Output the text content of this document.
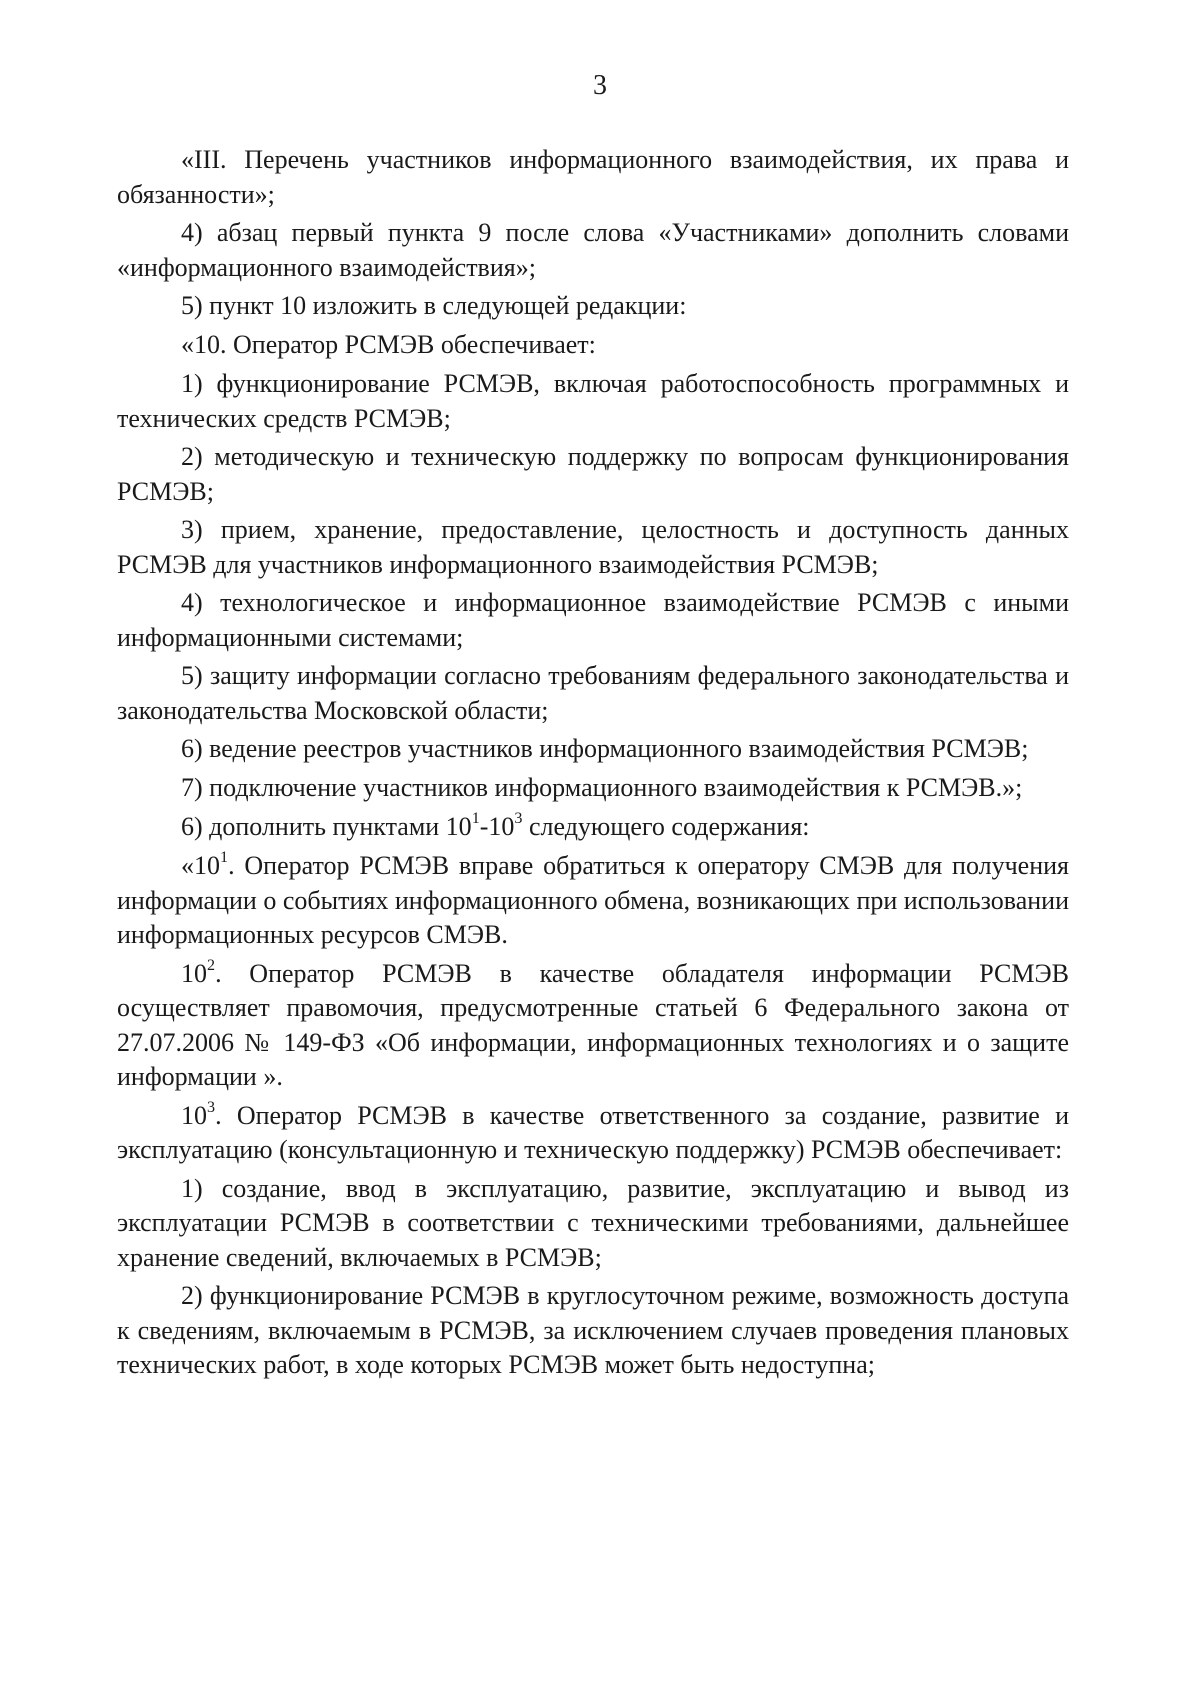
3

«III. Перечень участников информационного взаимодействия, их права и обязанности»;

4) абзац первый пункта 9 после слова «Участниками» дополнить словами «информационного взаимодействия»;

5) пункт 10 изложить в следующей редакции:

«10. Оператор РСМЭВ обеспечивает:

1) функционирование РСМЭВ, включая работоспособность программных и технических средств РСМЭВ;

2) методическую и техническую поддержку по вопросам функционирования РСМЭВ;

3) прием, хранение, предоставление, целостность и доступность данных РСМЭВ для участников информационного взаимодействия РСМЭВ;

4) технологическое и информационное взаимодействие РСМЭВ с иными информационными системами;

5) защиту информации согласно требованиям федерального законодательства и законодательства Московской области;

6) ведение реестров участников информационного взаимодействия РСМЭВ;

7) подключение участников информационного взаимодействия к РСМЭВ.»;

6) дополнить пунктами $10^1-10^3$ следующего содержания:

«$10^1$. Оператор РСМЭВ вправе обратиться к оператору СМЭВ для получения информации о событиях информационного обмена, возникающих при использовании информационных ресурсов СМЭВ.

$10^2$. Оператор РСМЭВ в качестве обладателя информации РСМЭВ осуществляет правомочия, предусмотренные статьей 6 Федерального закона от 27.07.2006 № 149-ФЗ «Об информации, информационных технологиях и о защите информации ».

$10^3$. Оператор РСМЭВ в качестве ответственного за создание, развитие и эксплуатацию (консультационную и техническую поддержку) РСМЭВ обеспечивает:

1) создание, ввод в эксплуатацию, развитие, эксплуатацию и вывод из эксплуатации РСМЭВ в соответствии с техническими требованиями, дальнейшее хранение сведений, включаемых в РСМЭВ;

2) функционирование РСМЭВ в круглосуточном режиме, возможность доступа к сведениям, включаемым в РСМЭВ, за исключением случаев проведения плановых технических работ, в ходе которых РСМЭВ может быть недоступна;
